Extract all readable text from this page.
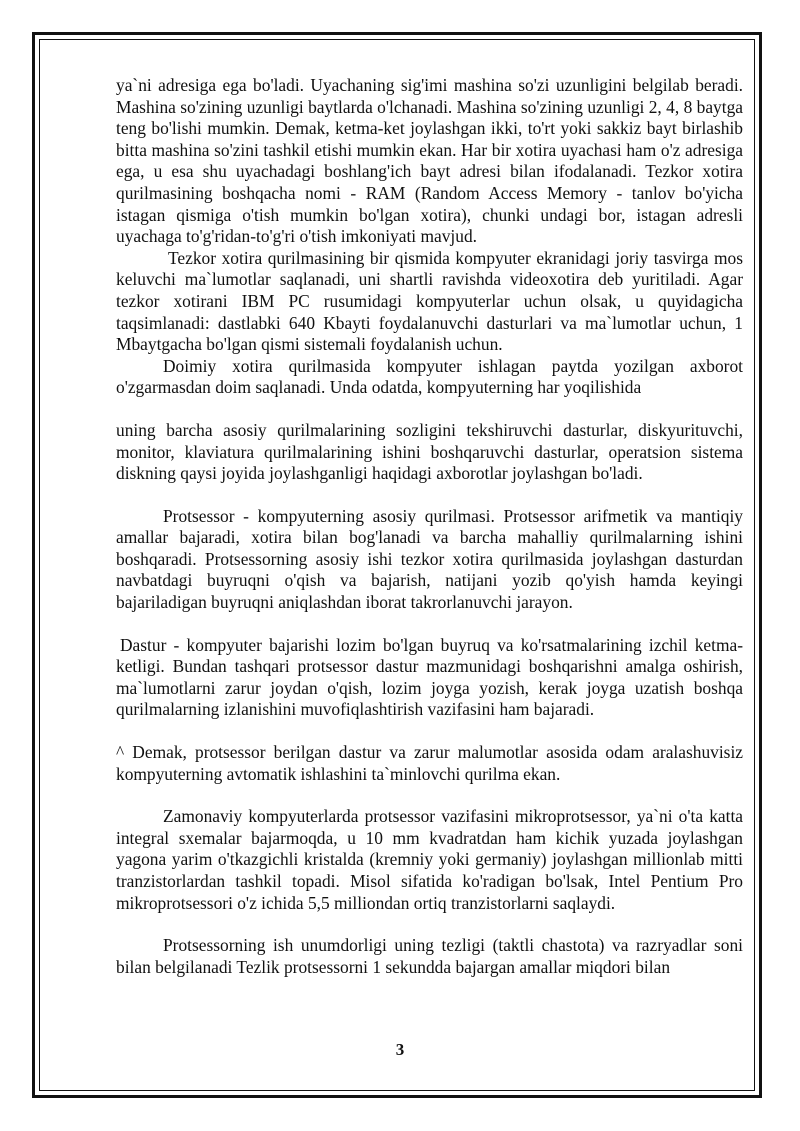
ya`ni adresiga ega bo'ladi. Uyachaning sig'imi mashina so'zi uzunligini belgilab beradi. Mashina so'zining uzunligi baytlarda o'lchanadi. Mashina so'zining uzunligi 2, 4, 8 baytga teng bo'lishi mumkin. Demak, ketma-ket joylashgan ikki, to'rt yoki sakkiz bayt birlashib bitta mashina so'zini tashkil etishi mumkin ekan. Har bir xotira uyachasi ham o'z adresiga ega, u esa shu uyachadagi boshlang'ich bayt adresi bilan ifodalanadi. Tezkor xotira qurilmasining boshqacha nomi - RAM (Random Access Memory - tanlov bo'yicha istagan qismiga o'tish mumkin bo'lgan xotira), chunki undagi bor, istagan adresli uyachaga to'g'ridan-to'g'ri o'tish imkoniyati mavjud.

Tezkor xotira qurilmasining bir qismida kompyuter ekranidagi joriy tasvirga mos keluvchi ma`lumotlar saqlanadi, uni shartli ravishda videoxotira deb yuritiladi. Agar tezkor xotirani IBM PC rusumidagi kompyuterlar uchun olsak, u quyidagicha taqsimlanadi: dastlabki 640 Kbayti foydalanuvchi dasturlari va ma`lumotlar uchun, 1 Mbaytgacha bo'lgan qismi sistemali foydalanish uchun.

Doimiy xotira qurilmasida kompyuter ishlagan paytda yozilgan axborot o'zgarmasdan doim saqlanadi. Unda odatda, kompyuterning har yoqilishida

uning barcha asosiy qurilmalarining sozligini tekshiruvchi dasturlar, diskyurituvchi, monitor, klaviatura qurilmalarining ishini boshqaruvchi dasturlar, operatsion sistema diskning qaysi joyida joylashganligi haqidagi axborotlar joylashgan bo'ladi.

Protsessor - kompyuterning asosiy qurilmasi. Protsessor arifmetik va mantiqiy amallar bajaradi, xotira bilan bog'lanadi va barcha mahalliy qurilmalarning ishini boshqaradi. Protsessorning asosiy ishi tezkor xotira qurilmasida joylashgan dasturdan navbatdagi buyruqni o'qish va bajarish, natijani yozib qo'yish hamda keyingi bajariladigan buyruqni aniqlashdan iborat takrorlanuvchi jarayon.

Dastur - kompyuter bajarishi lozim bo'lgan buyruq va ko'rsatmalarining izchil ketma-ketligi. Bundan tashqari protsessor dastur mazmunidagi boshqarishni amalga oshirish, ma`lumotlarni zarur joydan o'qish, lozim joyga yozish, kerak joyga uzatish boshqa qurilmalarning izlanishini muvofiqlashtirish vazifasini ham bajaradi.

^ Demak, protsessor berilgan dastur va zarur malumotlar asosida odam aralashuvisiz kompyuterning avtomatik ishlashini ta`minlovchi qurilma ekan.

Zamonaviy kompyuterlarda protsessor vazifasini mikroprotsessor, ya`ni o'ta katta integral sxemalar bajarmoqda, u 10 mm kvadratdan ham kichik yuzada joylashgan yagona yarim o'tkazgichli kristalda (kremniy yoki germaniy) joylashgan millionlab mitti tranzistorlardan tashkil topadi. Misol sifatida ko'radigan bo'lsak, Intel Pentium Pro mikroprotsessori o'z ichida 5,5 milliondan ortiq tranzistorlarni saqlaydi.

Protsessorning ish unumdorligi uning tezligi (taktli chastota) va razryadlar soni bilan belgilanadi Tezlik protsessorni 1 sekundda bajargan amallar miqdori bilan

3
